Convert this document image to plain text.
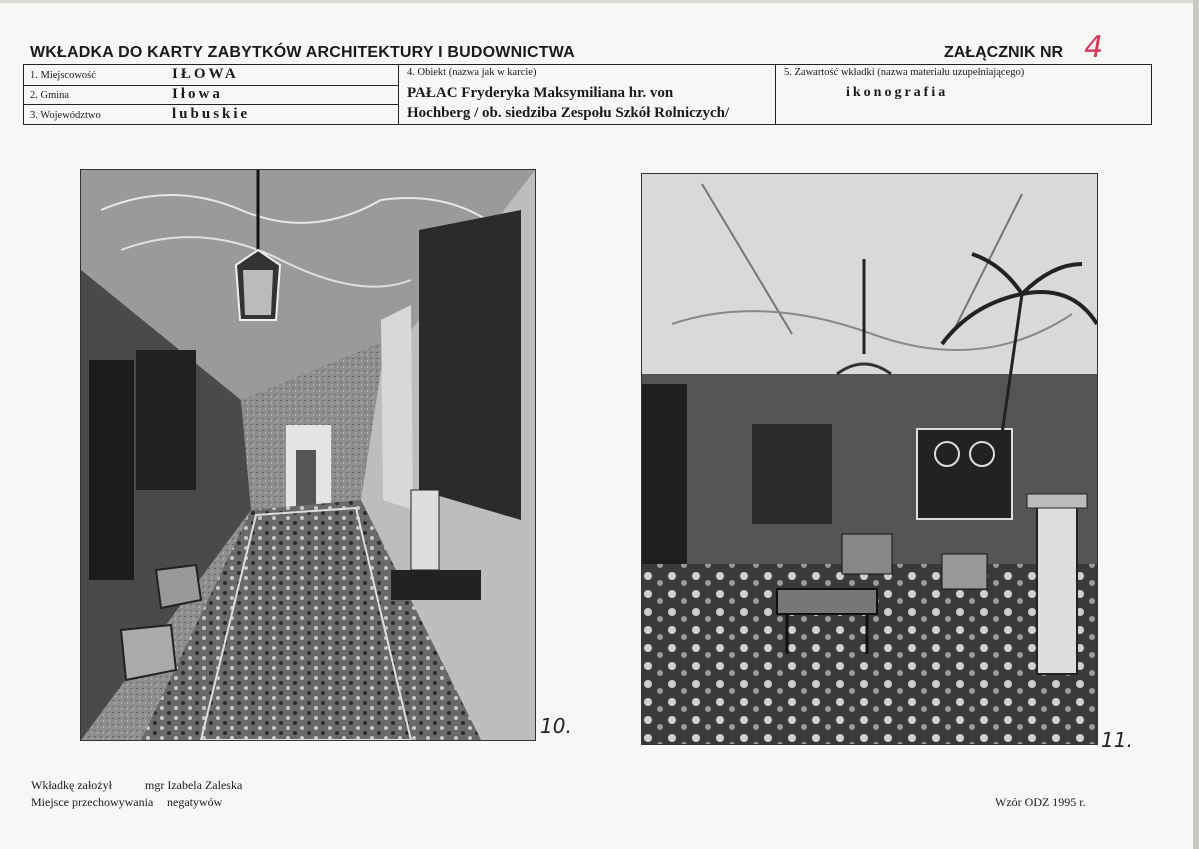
WKŁADKA DO KARTY ZABYTKÓW ARCHITEKTURY I BUDOWNICTWA	ZAŁĄCZNIK NR 4
1. Miejscowość	IŁOWA
2. Gmina	Iłowa
3. Województwo	lubuskie
4. Obiekt (nazwa jak w karcie)
PAŁAC Fryderyka Maksymiliana hr. von
Hochberg / ob. siedziba Zespołu Szkół Rolniczych/
5. Zawartość wkładki (nazwa materiału uzupełniającego)
ikonografia
10.
11.
Wkładkę założył	mgr Izabela Zaleska
Miejsce przechowywania negatywów	Wzór ODZ 1995 r.
